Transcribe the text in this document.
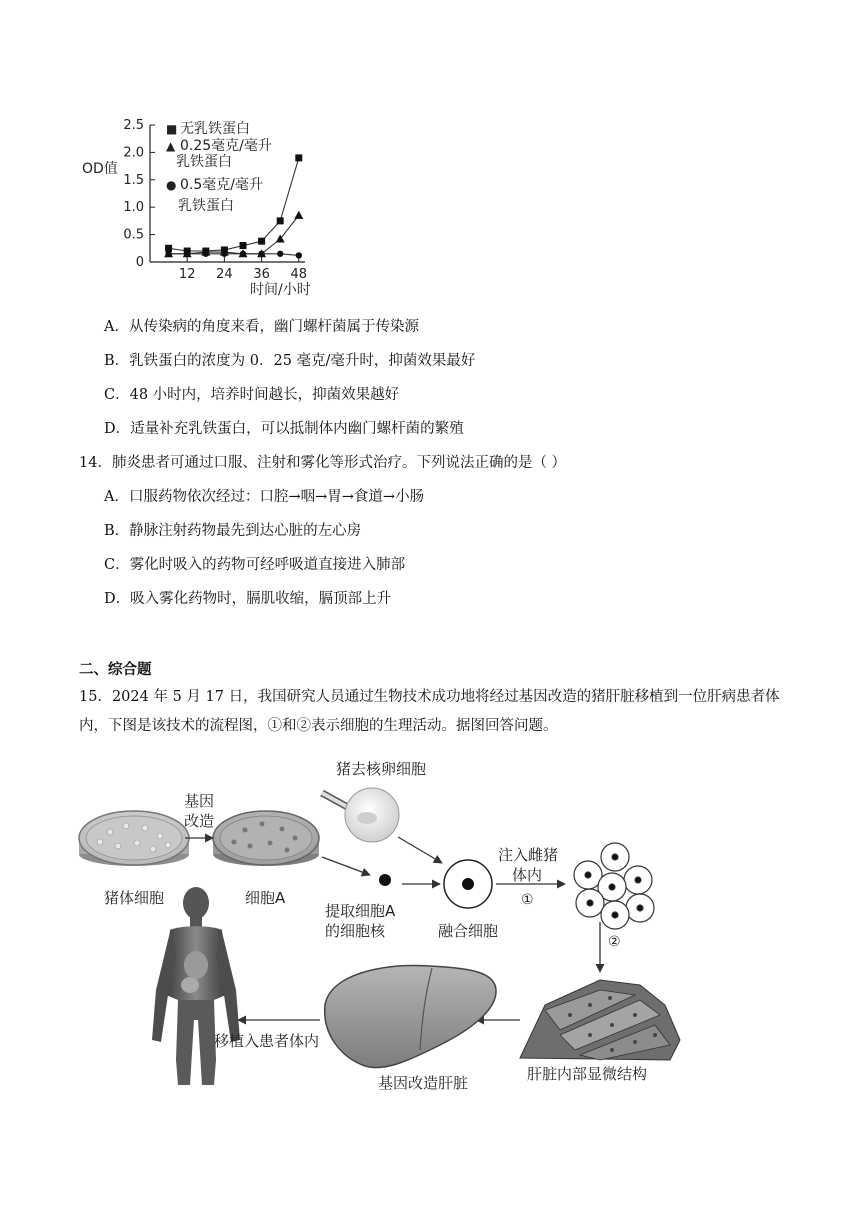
OD值
时间/小时
0
0.5
1.0
1.5
2.0
2.5
12 24 36 48
■ 无乳铁蛋白
▲ 0.25毫克/毫升
乳铁蛋白
● 0.5毫克/毫升
乳铁蛋白
A．从传染病的角度来看，幽门螺杆菌属于传染源
B．乳铁蛋白的浓度为 0．25 毫克/毫升时，抑菌效果最好
C．48 小时内，培养时间越长，抑菌效果越好
D．适量补充乳铁蛋白，可以抵制体内幽门螺杆菌的繁殖
14．肺炎患者可通过口服、注射和雾化等形式治疗。下列说法正确的是（ ）
A．口服药物依次经过：口腔→咽→胃→食道→小肠
B．静脉注射药物最先到达心脏的左心房
C．雾化时吸入的药物可经呼吸道直接进入肺部
D．吸入雾化药物时，膈肌收缩，膈顶部上升
二、综合题
15．2024 年 5 月 17 日，我国研究人员通过生物技术成功地将经过基因改造的猪肝脏移植到一位肝病患者体内，下图是该技术的流程图，①和②表示细胞的生理活动。据图回答问题。
猪去核卵细胞
基因
改造
猪体细胞	细胞A
提取细胞A
的细胞核	融合细胞
注入雌猪
体内
①
②
移植入患者体内
基因改造肝脏	肝脏内部显微结构
